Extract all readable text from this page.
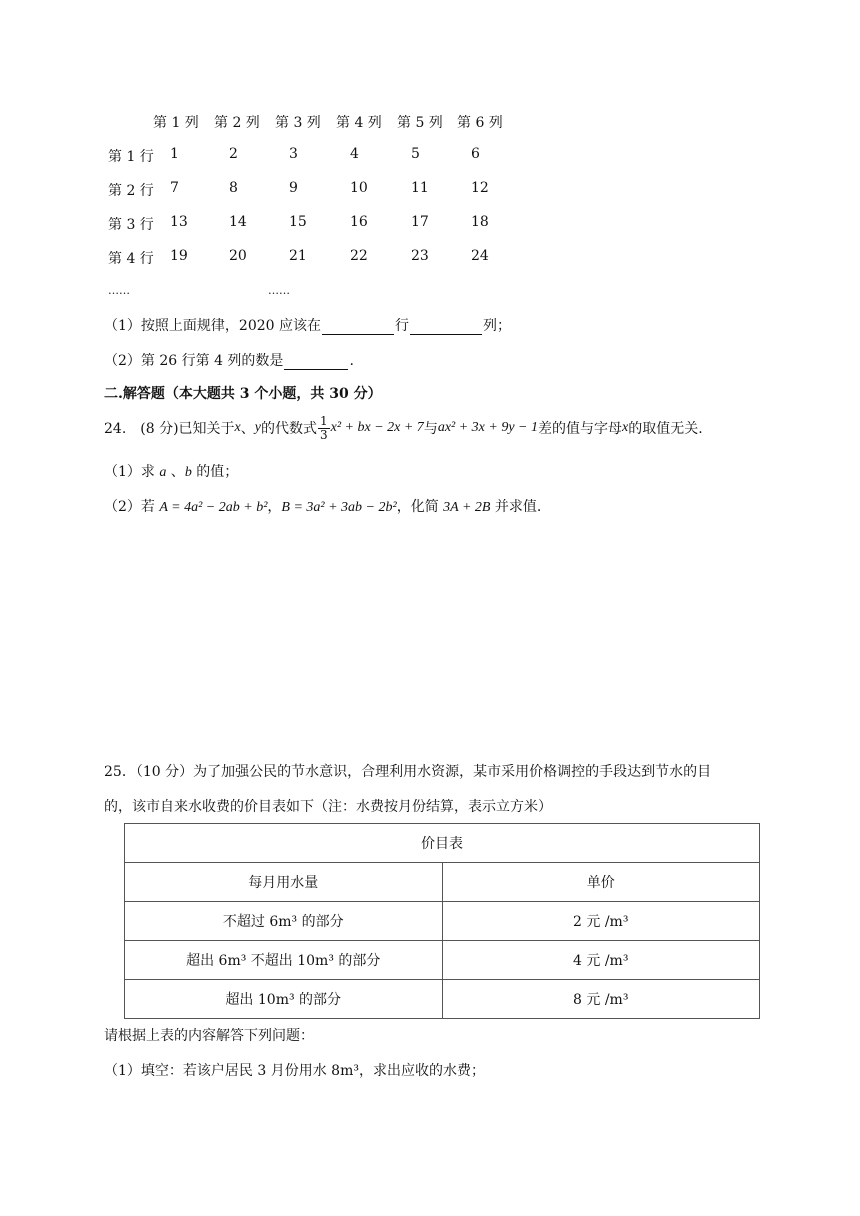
第 1 列 第 2 列 第 3 列 第 4 列 第 5 列 第 6 列
第 1 行 1	2	3	4	5	6
第 2 行 7	8	9	10	11	12
第 3 行 13	14	15	16	17	18
第 4 行 19	20	21	22	23	24
……	……
（1）按照上面规律，2020 应该在	行	列；
（2）第 26 行第 4 列的数是	.
二.解答题（本大题共 3 个小题，共 30 分）
24.　(8 分)已知关于 x 、 y 的代数式 $\frac{1}{3} x^2$ + bx − 2x + 7 与 ax² + 3x + 9y − 1 差的值与字母 x 的取值无关.
（1）求 a 、b 的值；
（2）若 A = 4a² − 2ab + b²，B = 3a² + 3ab − 2b²，化简 3A + 2B 并求值.
25．（10 分）为了加强公民的节水意识，合理利用水资源，某市采用价格调控的手段达到节水的目
的，该市自来水收费的价目表如下（注：水费按月份结算，表示立方米）
价目表	
每月用水量	单价
不超过 6m³ 的部分	2 元 /m³
超出 6m³ 不超出 10m³ 的部分	4 元 /m³
超出 10m³ 的部分	8 元 /m³
请根据上表的内容解答下列问题：
（1）填空：若该户居民 3 月份用水 8m³，求出应收的水费；
